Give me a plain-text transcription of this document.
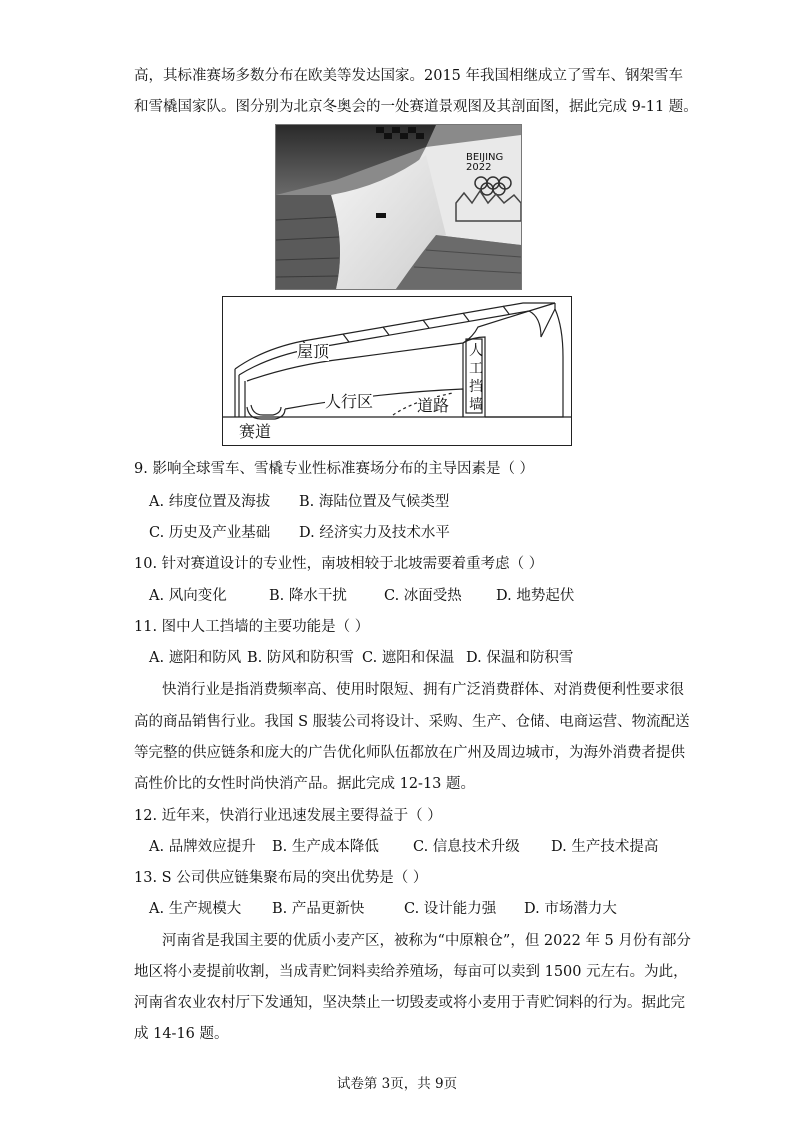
高，其标准赛场多数分布在欧美等发达国家。2015 年我国相继成立了雪车、钢架雪车
和雪橇国家队。图分别为北京冬奥会的一处赛道景观图及其剖面图，据此完成 9-11 题。
BEIJING 2022
屋顶	人
工
挡
墙
人行区	道路
赛道
9. 影响全球雪车、雪橇专业性标准赛场分布的主导因素是（ ）
A. 纬度位置及海拔 B. 海陆位置及气候类型
C. 历史及产业基础 D. 经济实力及技术水平
10. 针对赛道设计的专业性，南坡相较于北坡需要着重考虑（ ）
A. 风向变化	B. 降水干扰	C. 冰面受热 D. 地势起伏
11. 图中人工挡墙的主要功能是（ ）
A. 遮阳和防风 B. 防风和防积雪 C. 遮阳和保温 D. 保温和防积雪
快消行业是指消费频率高、使用时限短、拥有广泛消费群体、对消费便利性要求很
高的商品销售行业。我国 S 服装公司将设计、采购、生产、仓储、电商运营、物流配送
等完整的供应链条和庞大的广告优化师队伍都放在广州及周边城市，为海外消费者提供
高性价比的女性时尚快消产品。据此完成 12-13 题。
12. 近年来，快消行业迅速发展主要得益于（ ）
A. 品牌效应提升 B. 生产成本降低 C. 信息技术升级 D. 生产技术提高
13. S 公司供应链集聚布局的突出优势是（ ）
A. 生产规模大 B. 产品更新快	C. 设计能力强 D. 市场潜力大
河南省是我国主要的优质小麦产区，被称为“中原粮仓”，但 2022 年 5 月份有部分
地区将小麦提前收割，当成青贮饲料卖给养殖场，每亩可以卖到 1500 元左右。为此，
河南省农业农村厅下发通知，坚决禁止一切毁麦或将小麦用于青贮饲料的行为。据此完
成 14-16 题。
试卷第 3页，共 9页
